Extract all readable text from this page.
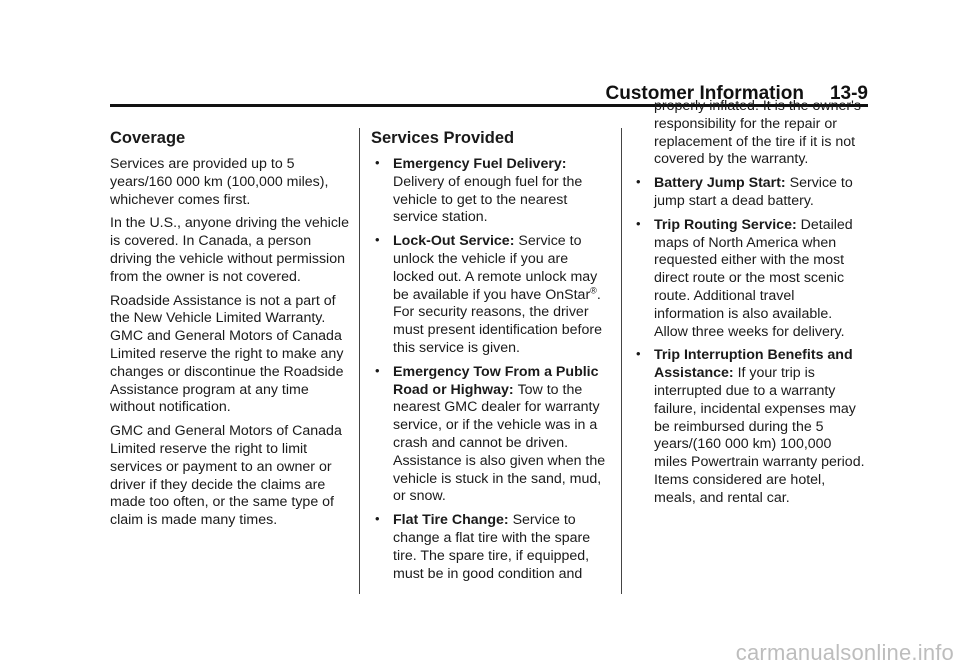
Customer Information 13-9
Coverage

Services are provided up to 5 years/160 000 km (100,000 miles), whichever comes first.

In the U.S., anyone driving the vehicle is covered. In Canada, a person driving the vehicle without permission from the owner is not covered.

Roadside Assistance is not a part of the New Vehicle Limited Warranty. GMC and General Motors of Canada Limited reserve the right to make any changes or discontinue the Roadside Assistance program at any time without notification.

GMC and General Motors of Canada Limited reserve the right to limit services or payment to an owner or driver if they decide the claims are made too often, or the same type of claim is made many times.

Services Provided
• Emergency Fuel Delivery:Delivery of enough fuel for the vehicle to get to the nearest service station.
• Lock-Out Service: Service to unlock the vehicle if you are locked out. A remote unlock may be available if you have OnStar®. For security reasons, the driver must present identification before this service is given.
• Emergency Tow From a Public Road or Highway: Tow to the nearest GMC dealer for warranty service, or if the vehicle was in a crash and cannot be driven. Assistance is also given when the vehicle is stuck in the sand, mud, or snow.
• Flat Tire Change: Service to change a flat tire with the spare tire. The spare tire, if equipped, must be in good condition and

properly inflated. It is the owner's responsibility for the repair or replacement of the tire if it is not covered by the warranty.

• Battery Jump Start: Service to jump start a dead battery.
• Trip Routing Service: Detailed maps of North America when requested either with the most direct route or the most scenic route. Additional travel information is also available. Allow three weeks for delivery.
• Trip Interruption Benefits and Assistance: If your trip is interrupted due to a warranty failure, incidental expenses may be reimbursed during the 5 years/(160 000 km) 100,000 miles Powertrain warranty period. Items considered are hotel, meals, and rental car.
carmanualsonline.info
